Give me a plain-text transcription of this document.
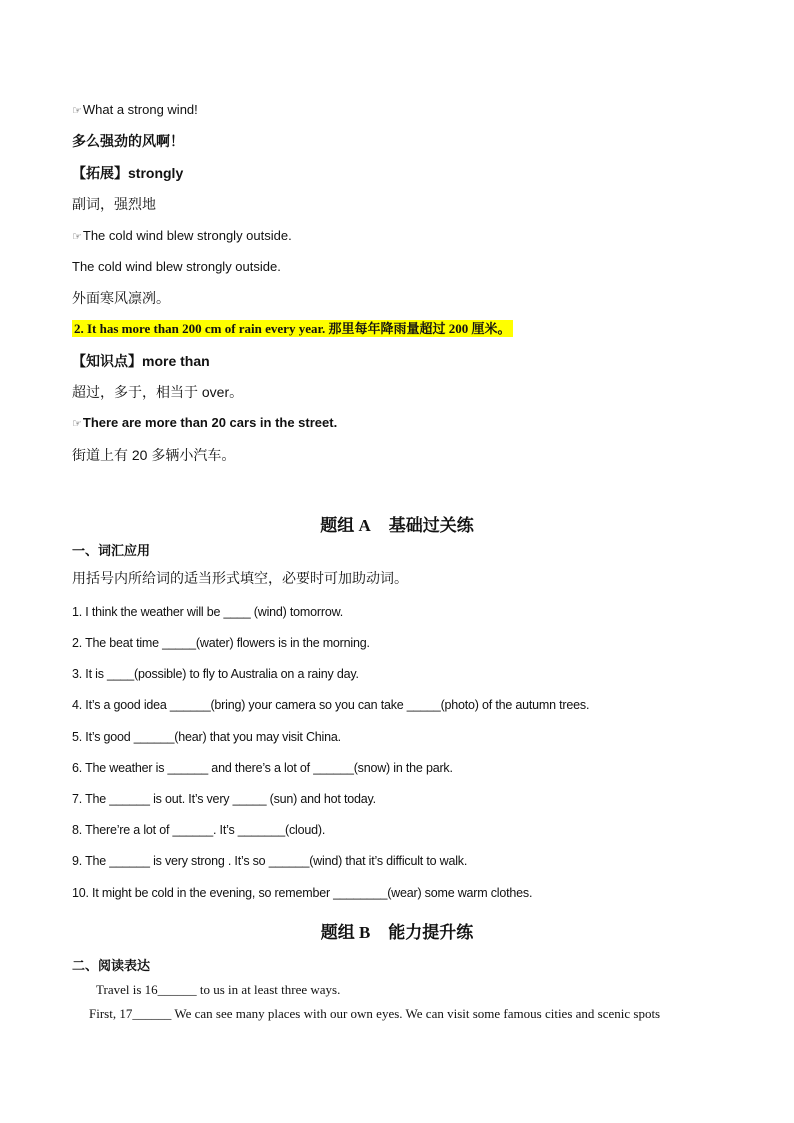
☞What a strong wind!
多么强劲的风啊！
【拓展】strongly
副词，强烈地
☞The cold wind blew strongly outside.
The cold wind blew strongly outside.
外面寒风凛冽。
2. It has more than 200 cm of rain every year. 那里每年降雨量超过 200 厘米。
【知识点】more than
超过，多于，相当于 over。
☞There are more than 20 cars in the street.
街道上有 20 多辆小汽车。
题组 A 基础过关练
一、词汇应用
用括号内所给词的适当形式填空，必要时可加助动词。
1. I think the weather will be ____ (wind) tomorrow.
2. The beat time _____(water) flowers is in the morning.
3. It is ____(possible) to fly to Australia on a rainy day.
4. It’s a good idea ______(bring) your camera so you can take _____(photo) of the autumn trees.
5. It’s good ______(hear) that you may visit China.
6. The weather is ______ and there’s a lot of ______(snow) in the park.
7. The ______ is out. It’s very _____ (sun) and hot today.
8. There’re a lot of ______. It’s _______(cloud).
9. The ______ is very strong . It’s so ______(wind) that it’s difficult to walk.
10. It might be cold in the evening, so remember ________(wear) some warm clothes.
题组 B 能力提升练
二、阅读表达
Travel is 16______ to us in at least three ways.
First, 17______ We can see many places with our own eyes. We can visit some famous cities and scenic spots
